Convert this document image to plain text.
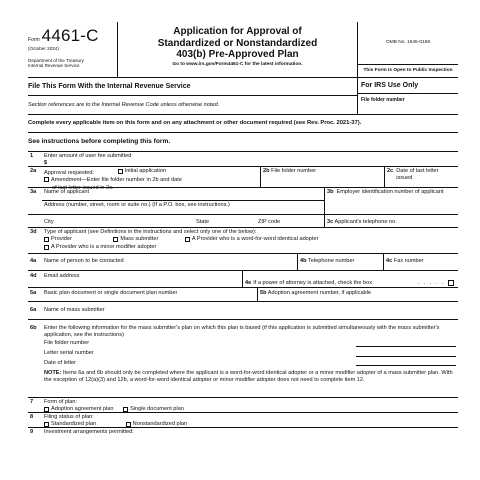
Form 4461-C
(October 2024)
Department of the Treasury
Internal Revenue Service
Application for Approval of
Standardized or Nonstandardized
403(b) Pre-Approved Plan
Go to www.irs.gov/Form4461-C for the latest information.
OMB No. 1545-0169
This Form Is Open to Public Inspection
File This Form With the Internal Revenue Service
Section references are to the Internal Revenue Code unless otherwise noted.
For IRS Use Only
File folder number
Complete every applicable item on this form and on any attachment or other document required (see Rev. Proc. 2021-37).
See instructions before completing this form.
1	Enter amount of user fee submitted
$
2a	Approval requested:	Initial application
Amendment—Enter file folder number in 2b and date
of last letter issued in 2c.
2b File folder number	2c Date of last letter issued
3a	Name of applicant
Address (number, street, room or suite no.) (If a P.O. box, see instructions.)
3b Employer identification number of applicant
City	State	ZIP code	3c Applicant's telephone no.
3d	Type of applicant (see Definitions in the instructions and select only one of the below):
Provider
	Mass submitter
	A Provider who is a word-for-word identical adopter
A Provider who is a minor modifier adopter
4a	Name of person to be contacted	4b Telephone number	4c Fax number
4d	Email address
4e If a power of attorney is attached, check the box	. . . . .
5a	Basic plan document or single document plan number	5b Adoption agreement number, if applicable
6a	Name of mass submitter
6b	Enter the following information for the mass submitter's plan on which this plan is based (if this application is submitted simultaneously with the mass submitter's application, see the instructions)
File folder number
Letter serial number
Date of letter
NOTE: Items 6a and 6b should only be completed where the applicant is a word-for-word identical adopter or a minor modifier adopter of a mass submitter plan. With the exception of 12(a)(3) and 12b, a word-for-word identical adopter or minor modifier adopter does not need to complete item 12.
7	Form of plan:
Adoption agreement plan
	Single document plan
8	Filing status of plan:
Standardized plan
	Nonstandardized plan
9	Investment arrangements permitted:
